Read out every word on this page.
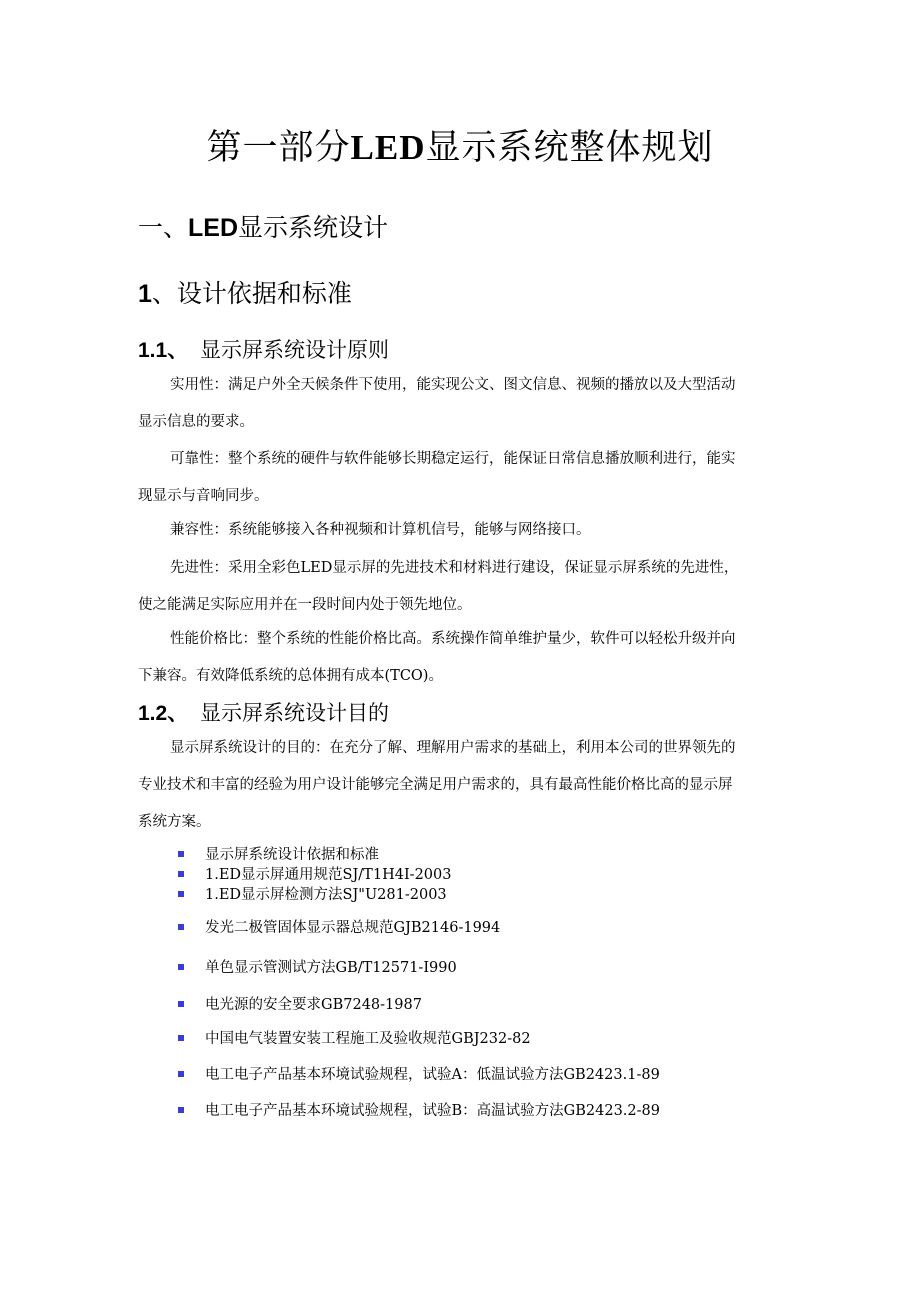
第一部分LED显示系统整体规划
一、LED显示系统设计
1、设计依据和标准
1.1、 显示屏系统设计原则
实用性：满足户外全天候条件下使用，能实现公文、图文信息、视频的播放以及大型活动
显示信息的要求。
可靠性：整个系统的硬件与软件能够长期稳定运行，能保证日常信息播放顺利进行，能实
现显示与音响同步。
兼容性：系统能够接入各种视频和计算机信号，能够与网络接口。
先进性：采用全彩色LED显示屏的先进技术和材料进行建设，保证显示屏系统的先进性，
使之能满足实际应用并在一段时间内处于领先地位。
性能价格比：整个系统的性能价格比高。系统操作简单维护量少，软件可以轻松升级并向
下兼容。有效降低系统的总体拥有成本(TCO)。
1.2、 显示屏系统设计目的
显示屏系统设计的目的：在充分了解、理解用户需求的基础上，利用本公司的世界领先的
专业技术和丰富的经验为用户设计能够完全满足用户需求的，具有最高性能价格比高的显示屏
系统方案。
显示屏系统设计依据和标准
1.ED显示屏通用规范SJ/T1H4I-2003
1.ED显示屏检测方法SJ"U281-2003
发光二极管固体显示器总规范GJB2146-1994
单色显示管测试方法GB/T12571-I990
电光源的安全要求GB7248-1987
中国电气装置安装工程施工及验收规范GBJ232-82
电工电子产品基本环境试验规程，试验A：低温试验方法GB2423.1-89
电工电子产品基本环境试验规程，试验B：高温试验方法GB2423.2-89
